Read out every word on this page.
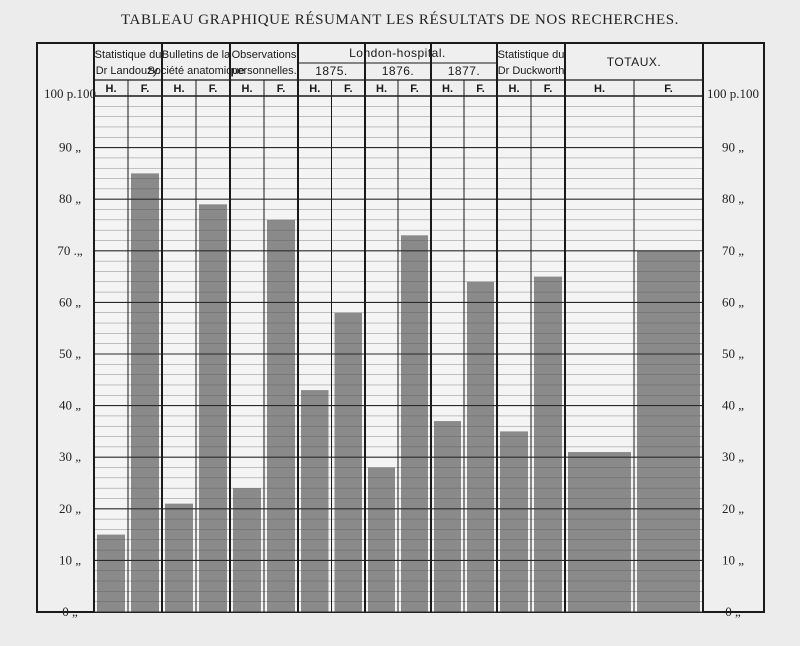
TABLEAU GRAPHIQUE RÉSUMANT LES RÉSULTATS DE NOS RECHERCHES.
Statistique du
Dr Landouzy.
Bulletins de la
Société anatomique
Observations
personnelles.
London-hospital.
1875.	1876.	1877.
Statistique du
Dr Duckworth
TOTAUX.
H. F. H. F. H. F. H. F. H. F. H. F. H. F.	H.	F.
100 p.100
90 „
80 „
70 .„
60 „
50 „
40 „
30 „
20 „
10 „
0 „
100 p.100
90 „
80 „
70 „
60 „
50 „
40 „
30 „
20 „
10 „
0 „
